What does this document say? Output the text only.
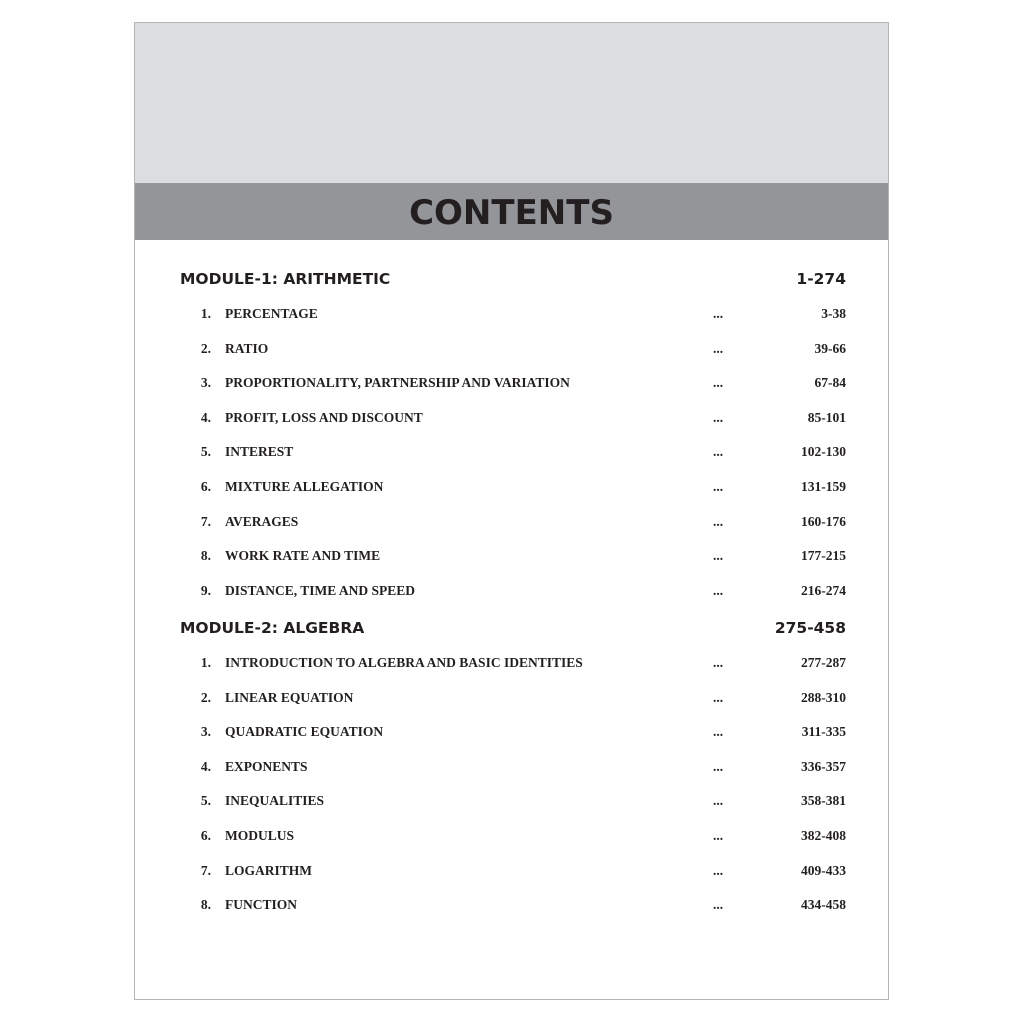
CONTENTS
MODULE-1: ARITHMETIC	1-274
1. PERCENTAGE	...	3-38
2. RATIO	...	39-66
3. PROPORTIONALITY, PARTNERSHIP AND VARIATION	...	67-84
4. PROFIT, LOSS AND DISCOUNT	...	85-101
5. INTEREST	...	102-130
6. MIXTURE ALLEGATION	...	131-159
7. AVERAGES	...	160-176
8. WORK RATE AND TIME	...	177-215
9. DISTANCE, TIME AND SPEED	...	216-274
MODULE-2: ALGEBRA	275-458
1. INTRODUCTION TO ALGEBRA AND BASIC IDENTITIES	...	277-287
2. LINEAR EQUATION	...	288-310
3. QUADRATIC EQUATION	...	311-335
4. EXPONENTS	...	336-357
5. INEQUALITIES	...	358-381
6. MODULUS	...	382-408
7. LOGARITHM	...	409-433
8. FUNCTION	...	434-458
